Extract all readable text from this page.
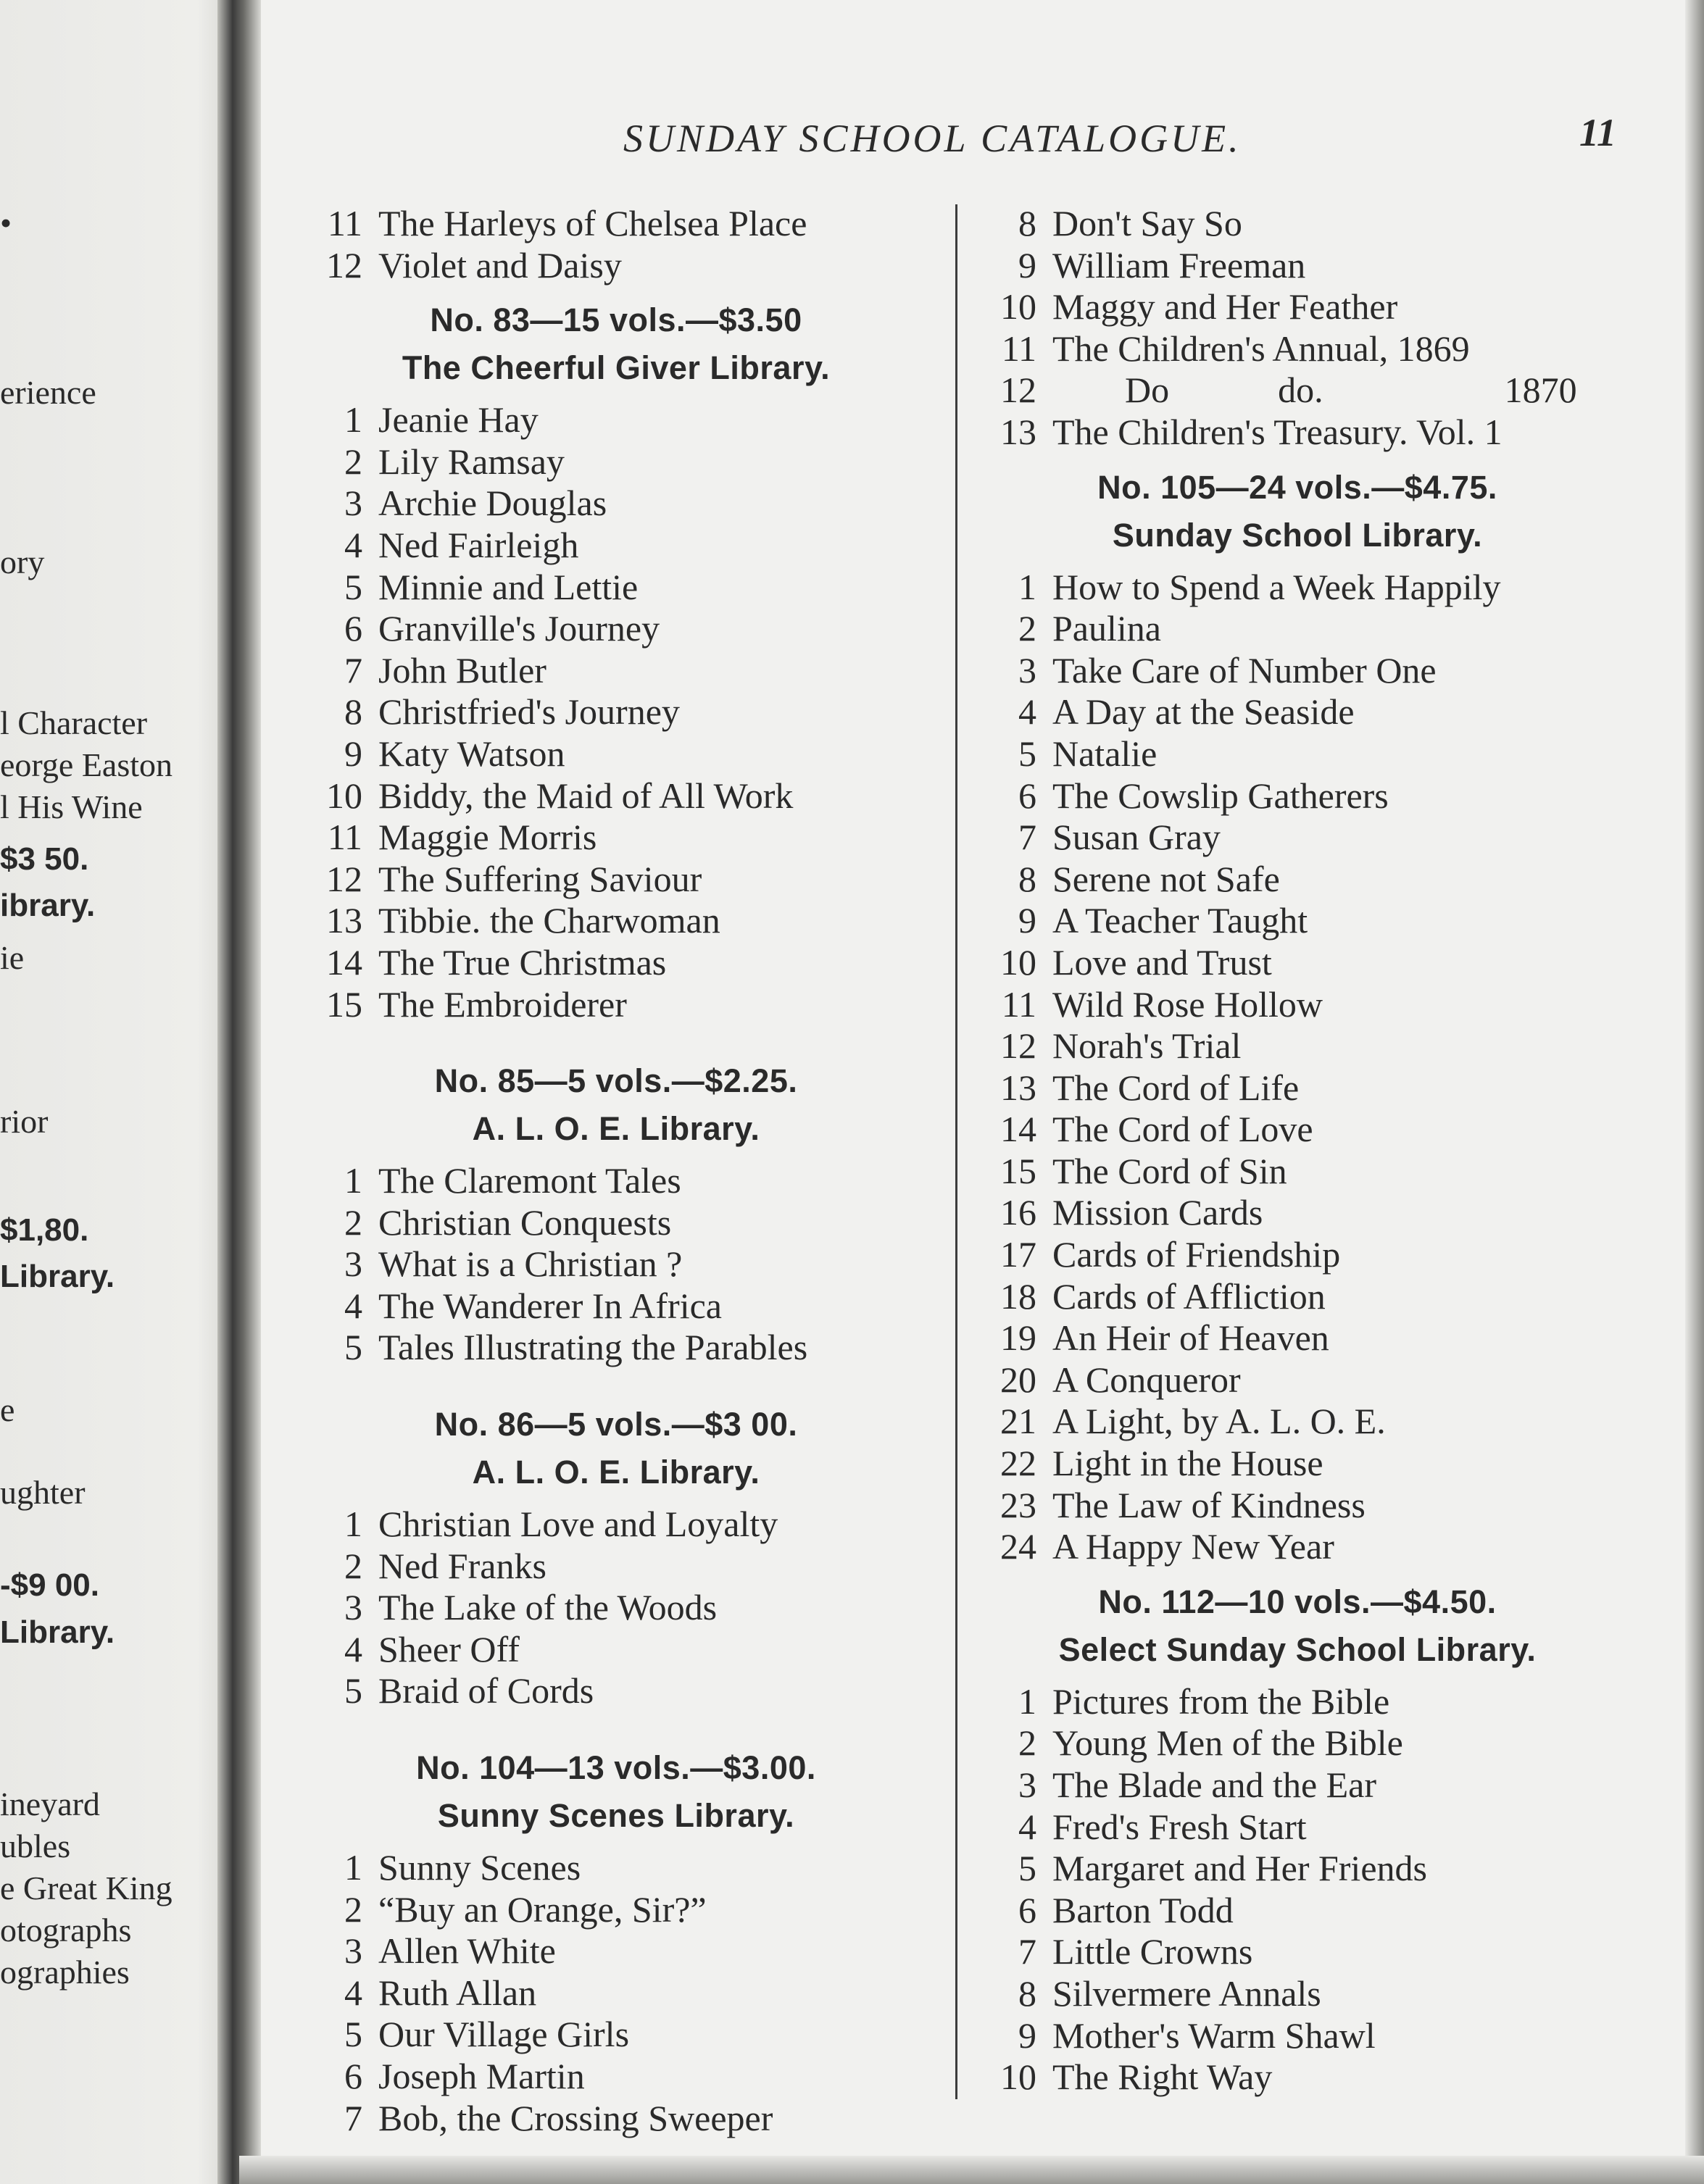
•
erience
ory
l Character
eorge Easton
l His Wine
$3 50.
ibrary.
ie
rior
$1,80.
Library.
e
ughter
-$9 00.
Library.
ineyard
ubles
e Great King
otographs
ographies
SUNDAY SCHOOL CATALOGUE.	11
11 The Harleys of Chelsea Place
12 Violet and Daisy
No. 83—15 vols.—$3.50
The Cheerful Giver Library.
1 Jeanie Hay
2 Lily Ramsay
3 Archie Douglas
4 Ned Fairleigh
5 Minnie and Lettie
6 Granville's Journey
7 John Butler
8 Christfried's Journey
9 Katy Watson
10 Biddy, the Maid of All Work
11 Maggie Morris
12 The Suffering Saviour
13 Tibbie. the Charwoman
14 The True Christmas
15 The Embroiderer
No. 85—5 vols.—$2.25.
A. L. O. E. Library.
1 The Claremont Tales
2 Christian Conquests
3 What is a Christian ?
4 The Wanderer In Africa
5 Tales Illustrating the Parables
No. 86—5 vols.—$3 00.
A. L. O. E. Library.
1 Christian Love and Loyalty
2 Ned Franks
3 The Lake of the Woods
4 Sheer Off
5 Braid of Cords
No. 104—13 vols.—$3.00.
Sunny Scenes Library.
1 Sunny Scenes
2 “Buy an Orange, Sir?”
3 Allen White
4 Ruth Allan
5 Our Village Girls
6 Joseph Martin
7 Bob, the Crossing Sweeper
8 Don't Say So
9 William Freeman
10 Maggy and Her Feather
11 The Children's Annual, 1869
12   Do   do.     1870
13 The Children's Treasury. Vol. 1
No. 105—24 vols.—$4.75.
Sunday School Library.
1 How to Spend a Week Happily
2 Paulina
3 Take Care of Number One
4 A Day at the Seaside
5 Natalie
6 The Cowslip Gatherers
7 Susan Gray
8 Serene not Safe
9 A Teacher Taught
10 Love and Trust
11 Wild Rose Hollow
12 Norah's Trial
13 The Cord of Life
14 The Cord of Love
15 The Cord of Sin
16 Mission Cards
17 Cards of Friendship
18 Cards of Affliction
19 An Heir of Heaven
20 A Conqueror
21 A Light, by A. L. O. E.
22 Light in the House
23 The Law of Kindness
24 A Happy New Year
No. 112—10 vols.—$4.50.
Select Sunday School Library.
1 Pictures from the Bible
2 Young Men of the Bible
3 The Blade and the Ear
4 Fred's Fresh Start
5 Margaret and Her Friends
6 Barton Todd
7 Little Crowns
8 Silvermere Annals
9 Mother's Warm Shawl
10 The Right Way
